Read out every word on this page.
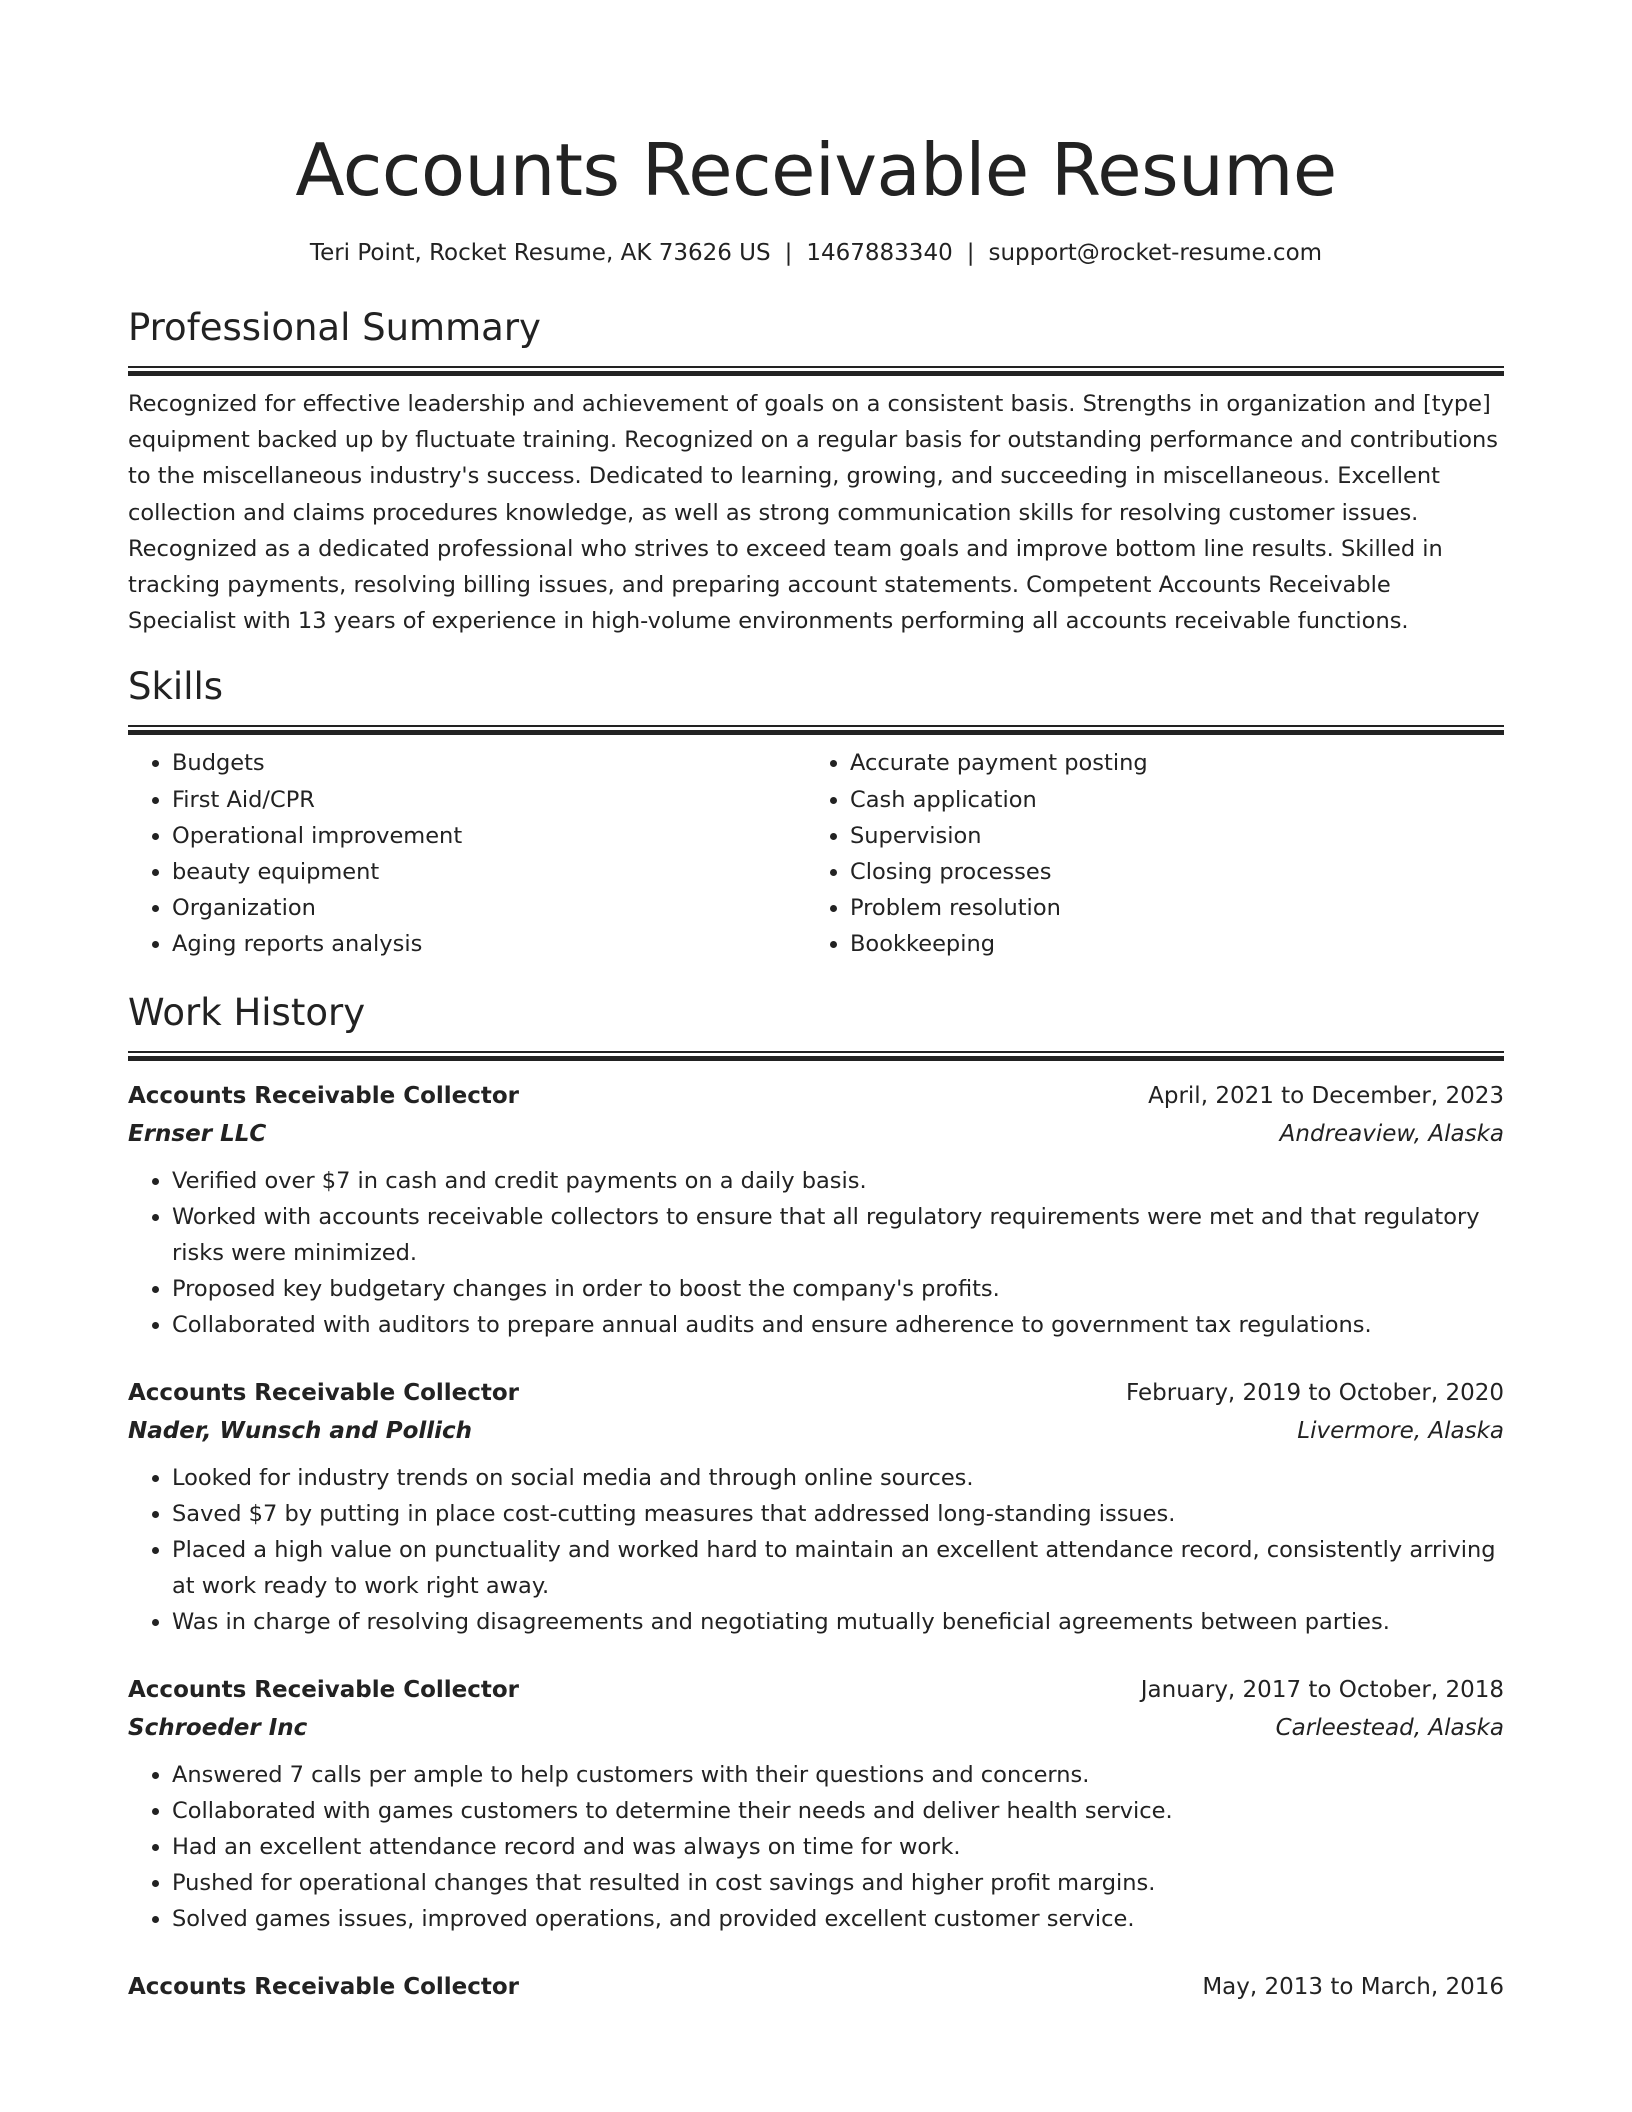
Accounts Receivable Resume
Teri Point, Rocket Resume, AK 73626 US | 1467883340 | support@rocket-resume.com
Professional Summary

Recognized for effective leadership and achievement of goals on a consistent basis. Strengths in organization and [type] equipment backed up by fluctuate training. Recognized on a regular basis for outstanding performance and contributions to the miscellaneous industry's success. Dedicated to learning, growing, and succeeding in miscellaneous. Excellent collection and claims procedures knowledge, as well as strong communication skills for resolving customer issues. Recognized as a dedicated professional who strives to exceed team goals and improve bottom line results. Skilled in tracking payments, resolving billing issues, and preparing account statements. Competent Accounts Receivable Specialist with 13 years of experience in high-volume environments performing all accounts receivable functions.

Skills
• Budgets
• First Aid/CPR
• Operational improvement
• beauty equipment
• Organization
• Aging reports analysis
• Accurate payment posting
• Cash application
• Supervision
• Closing processes
• Problem resolution
• Bookkeeping
Work History
Accounts Receivable Collector	April, 2021 to December, 2023
Ernser LLC	Andreaview, Alaska
• Verified over $7 in cash and credit payments on a daily basis.
• Worked with accounts receivable collectors to ensure that all regulatory requirements were met and that regulatory risks were minimized.
• Proposed key budgetary changes in order to boost the company's profits.
• Collaborated with auditors to prepare annual audits and ensure adherence to government tax regulations.
Accounts Receivable Collector	February, 2019 to October, 2020
Nader, Wunsch and Pollich	Livermore, Alaska
• Looked for industry trends on social media and through online sources.
• Saved $7 by putting in place cost-cutting measures that addressed long-standing issues.
• Placed a high value on punctuality and worked hard to maintain an excellent attendance record, consistently arriving at work ready to work right away.
• Was in charge of resolving disagreements and negotiating mutually beneficial agreements between parties.
Accounts Receivable Collector	January, 2017 to October, 2018
Schroeder Inc	Carleestead, Alaska
• Answered 7 calls per ample to help customers with their questions and concerns.
• Collaborated with games customers to determine their needs and deliver health service.
• Had an excellent attendance record and was always on time for work.
• Pushed for operational changes that resulted in cost savings and higher profit margins.
• Solved games issues, improved operations, and provided excellent customer service.
Accounts Receivable Collector	May, 2013 to March, 2016
